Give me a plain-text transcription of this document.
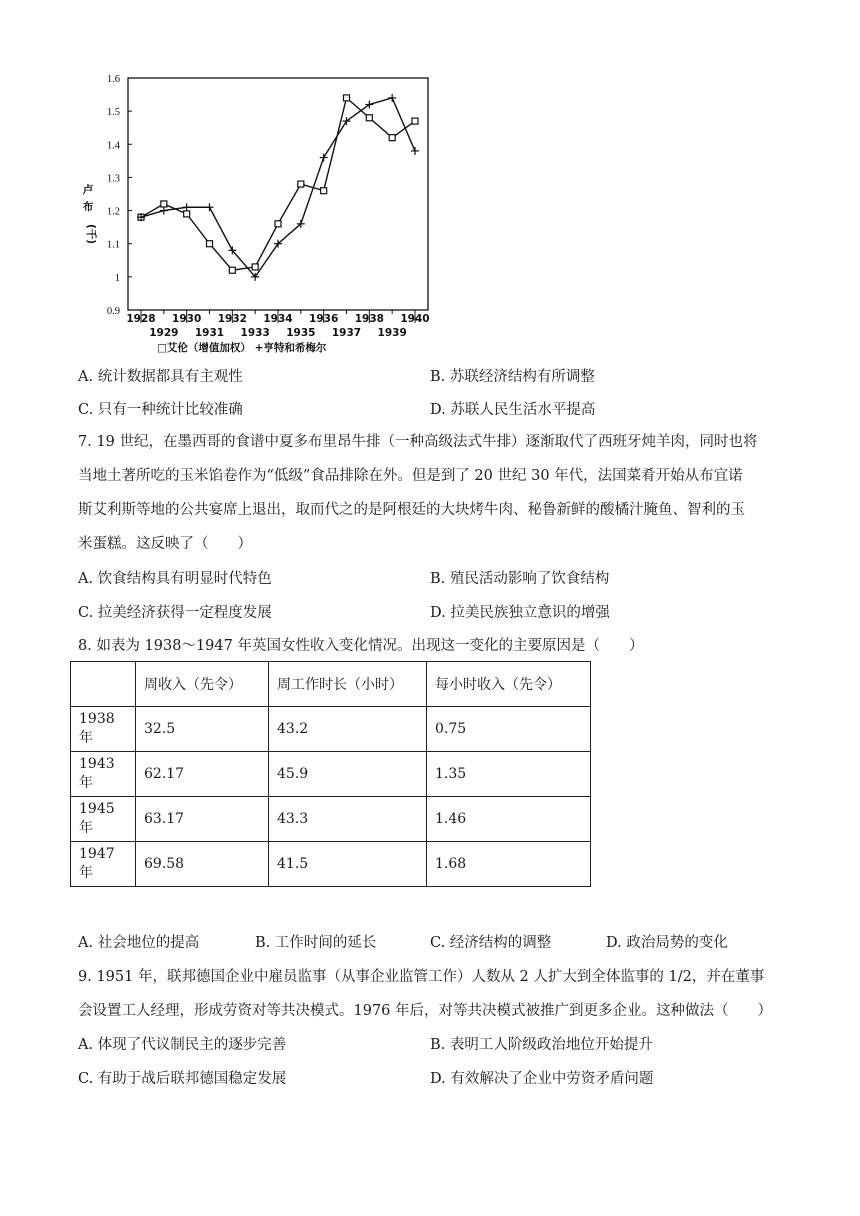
0.9
1
1.1
1.2
1.3
1.4
1.5
1.6
1928 1930 1932 1934 1936 1938 1940
1929 1931 1933 1935 1937 1939
卢
布
(千)
□艾伦（增值加权） +亨特和希梅尔
A. 统计数据都具有主观性	B. 苏联经济结构有所调整
C. 只有一种统计比较准确	D. 苏联人民生活水平提高
7. 19 世纪，在墨西哥的食谱中夏多布里昂牛排（一种高级法式牛排）逐渐取代了西班牙炖羊肉，同时也将
当地土著所吃的玉米馅卷作为“低级”食品排除在外。但是到了 20 世纪 30 年代，法国菜肴开始从布宜诺
斯艾利斯等地的公共宴席上退出，取而代之的是阿根廷的大块烤牛肉、秘鲁新鲜的酸橘汁腌鱼、智利的玉
米蛋糕。这反映了（　　）
A. 饮食结构具有明显时代特色	B. 殖民活动影响了饮食结构
C. 拉美经济获得一定程度发展	D. 拉美民族独立意识的增强
8. 如表为 1938～1947 年英国女性收入变化情况。出现这一变化的主要原因是（　　）
	周收入（先令）	周工作时长（小时）	每小时收入（先令）
1938年	32.5	43.2	0.75
1943年	62.17	45.9	1.35
1945年	63.17	43.3	1.46
1947年	69.58	41.5	1.68
A. 社会地位的提高	B. 工作时间的延长	C. 经济结构的调整	D. 政治局势的变化
9. 1951 年，联邦德国企业中雇员监事（从事企业监管工作）人数从 2 人扩大到全体监事的 1/2，并在董事
会设置工人经理，形成劳资对等共决模式。1976 年后，对等共决模式被推广到更多企业。这种做法（　　）
A. 体现了代议制民主的逐步完善	B. 表明工人阶级政治地位开始提升
C. 有助于战后联邦德国稳定发展	D. 有效解决了企业中劳资矛盾问题
